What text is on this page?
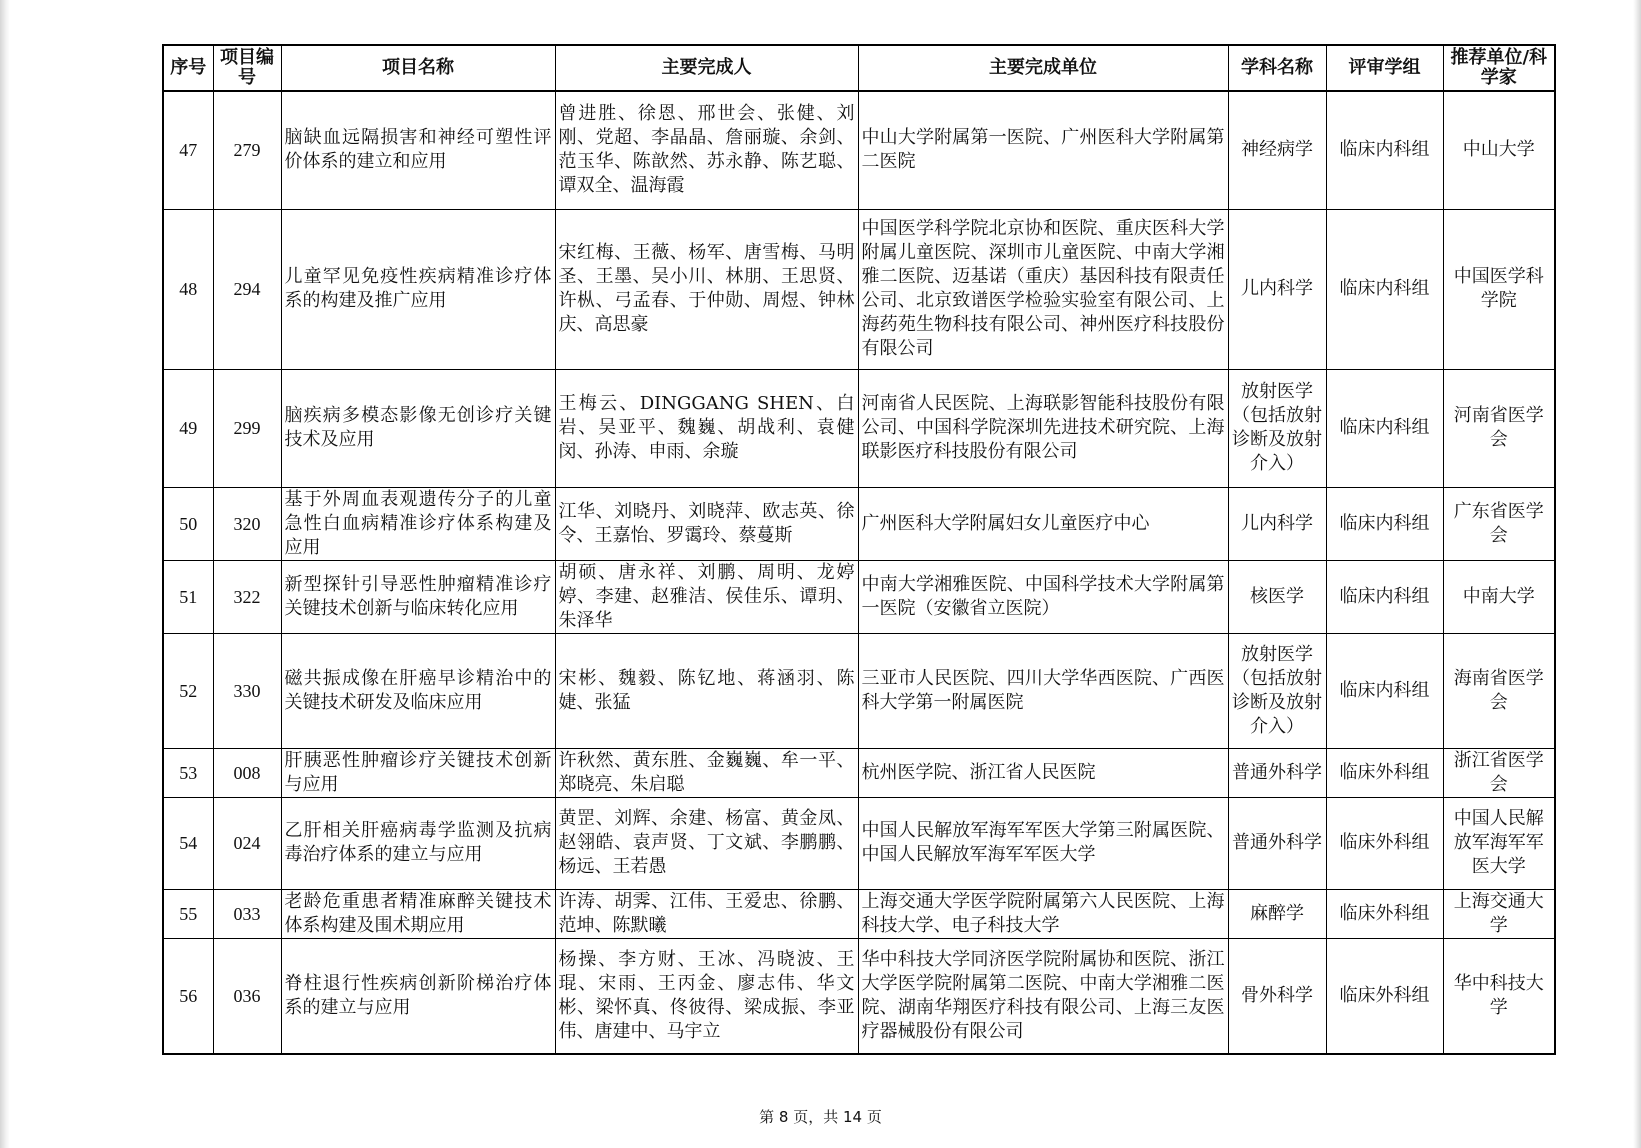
序号	项目编号	项目名称	主要完成人	主要完成单位	学科名称	评审学组	推荐单位/科学家
47	279	脑缺血远隔损害和神经可塑性评价体系的建立和应用	曾进胜、徐恩、邢世会、张健、刘刚、党超、李晶晶、詹丽璇、余剑、范玉华、陈歆然、苏永静、陈艺聪、谭双全、温海霞	中山大学附属第一医院、广州医科大学附属第二医院	神经病学	临床内科组	中山大学
48	294	儿童罕见免疫性疾病精准诊疗体系的构建及推广应用	宋红梅、王薇、杨军、唐雪梅、马明圣、王墨、吴小川、林朋、王思贤、许枞、弓孟春、于仲勋、周煜、钟林庆、高思豪	中国医学科学院北京协和医院、重庆医科大学附属儿童医院、深圳市儿童医院、中南大学湘雅二医院、迈基诺（重庆）基因科技有限责任公司、北京致谱医学检验实验室有限公司、上海药苑生物科技有限公司、神州医疗科技股份有限公司	儿内科学	临床内科组	中国医学科学院
49	299	脑疾病多模态影像无创诊疗关键技术及应用	王梅云、DINGGANG SHEN、白岩、吴亚平、魏巍、胡战利、袁健闵、孙涛、申雨、余璇	河南省人民医院、上海联影智能科技股份有限公司、中国科学院深圳先进技术研究院、上海联影医疗科技股份有限公司	放射医学（包括放射诊断及放射介入）	临床内科组	河南省医学会
50	320	基于外周血表观遗传分子的儿童急性白血病精准诊疗体系构建及应用	江华、刘晓丹、刘晓萍、欧志英、徐令、王嘉怡、罗霭玲、蔡蔓斯	广州医科大学附属妇女儿童医疗中心	儿内科学	临床内科组	广东省医学会
51	322	新型探针引导恶性肿瘤精准诊疗关键技术创新与临床转化应用	胡硕、唐永祥、刘鹏、周明、龙婷婷、李建、赵雅洁、侯佳乐、谭玥、朱泽华	中南大学湘雅医院、中国科学技术大学附属第一医院（安徽省立医院）	核医学	临床内科组	中南大学
52	330	磁共振成像在肝癌早诊精治中的关键技术研发及临床应用	宋彬、魏毅、陈钇地、蒋涵羽、陈婕、张猛	三亚市人民医院、四川大学华西医院、广西医科大学第一附属医院	放射医学（包括放射诊断及放射介入）	临床内科组	海南省医学会
53	008	肝胰恶性肿瘤诊疗关键技术创新与应用	许秋然、黄东胜、金巍巍、牟一平、郑晓亮、朱启聪	杭州医学院、浙江省人民医院	普通外科学	临床外科组	浙江省医学会
54	024	乙肝相关肝癌病毒学监测及抗病毒治疗体系的建立与应用	黄罡、刘辉、余建、杨富、黄金凤、赵翎皓、袁声贤、丁文斌、李鹏鹏、杨远、王若愚	中国人民解放军海军军医大学第三附属医院、中国人民解放军海军军医大学	普通外科学	临床外科组	中国人民解放军海军军医大学
55	033	老龄危重患者精准麻醉关键技术体系构建及围术期应用	许涛、胡霁、江伟、王爱忠、徐鹏、范坤、陈默曦	上海交通大学医学院附属第六人民医院、上海科技大学、电子科技大学	麻醉学	临床外科组	上海交通大学
56	036	脊柱退行性疾病创新阶梯治疗体系的建立与应用	杨操、李方财、王冰、冯晓波、王琨、宋雨、王丙金、廖志伟、华文彬、梁怀真、佟彼得、梁成振、李亚伟、唐建中、马宇立	华中科技大学同济医学院附属协和医院、浙江大学医学院附属第二医院、中南大学湘雅二医院、湖南华翔医疗科技有限公司、上海三友医疗器械股份有限公司	骨外科学	临床外科组	华中科技大学
第 8 页，共 14 页
